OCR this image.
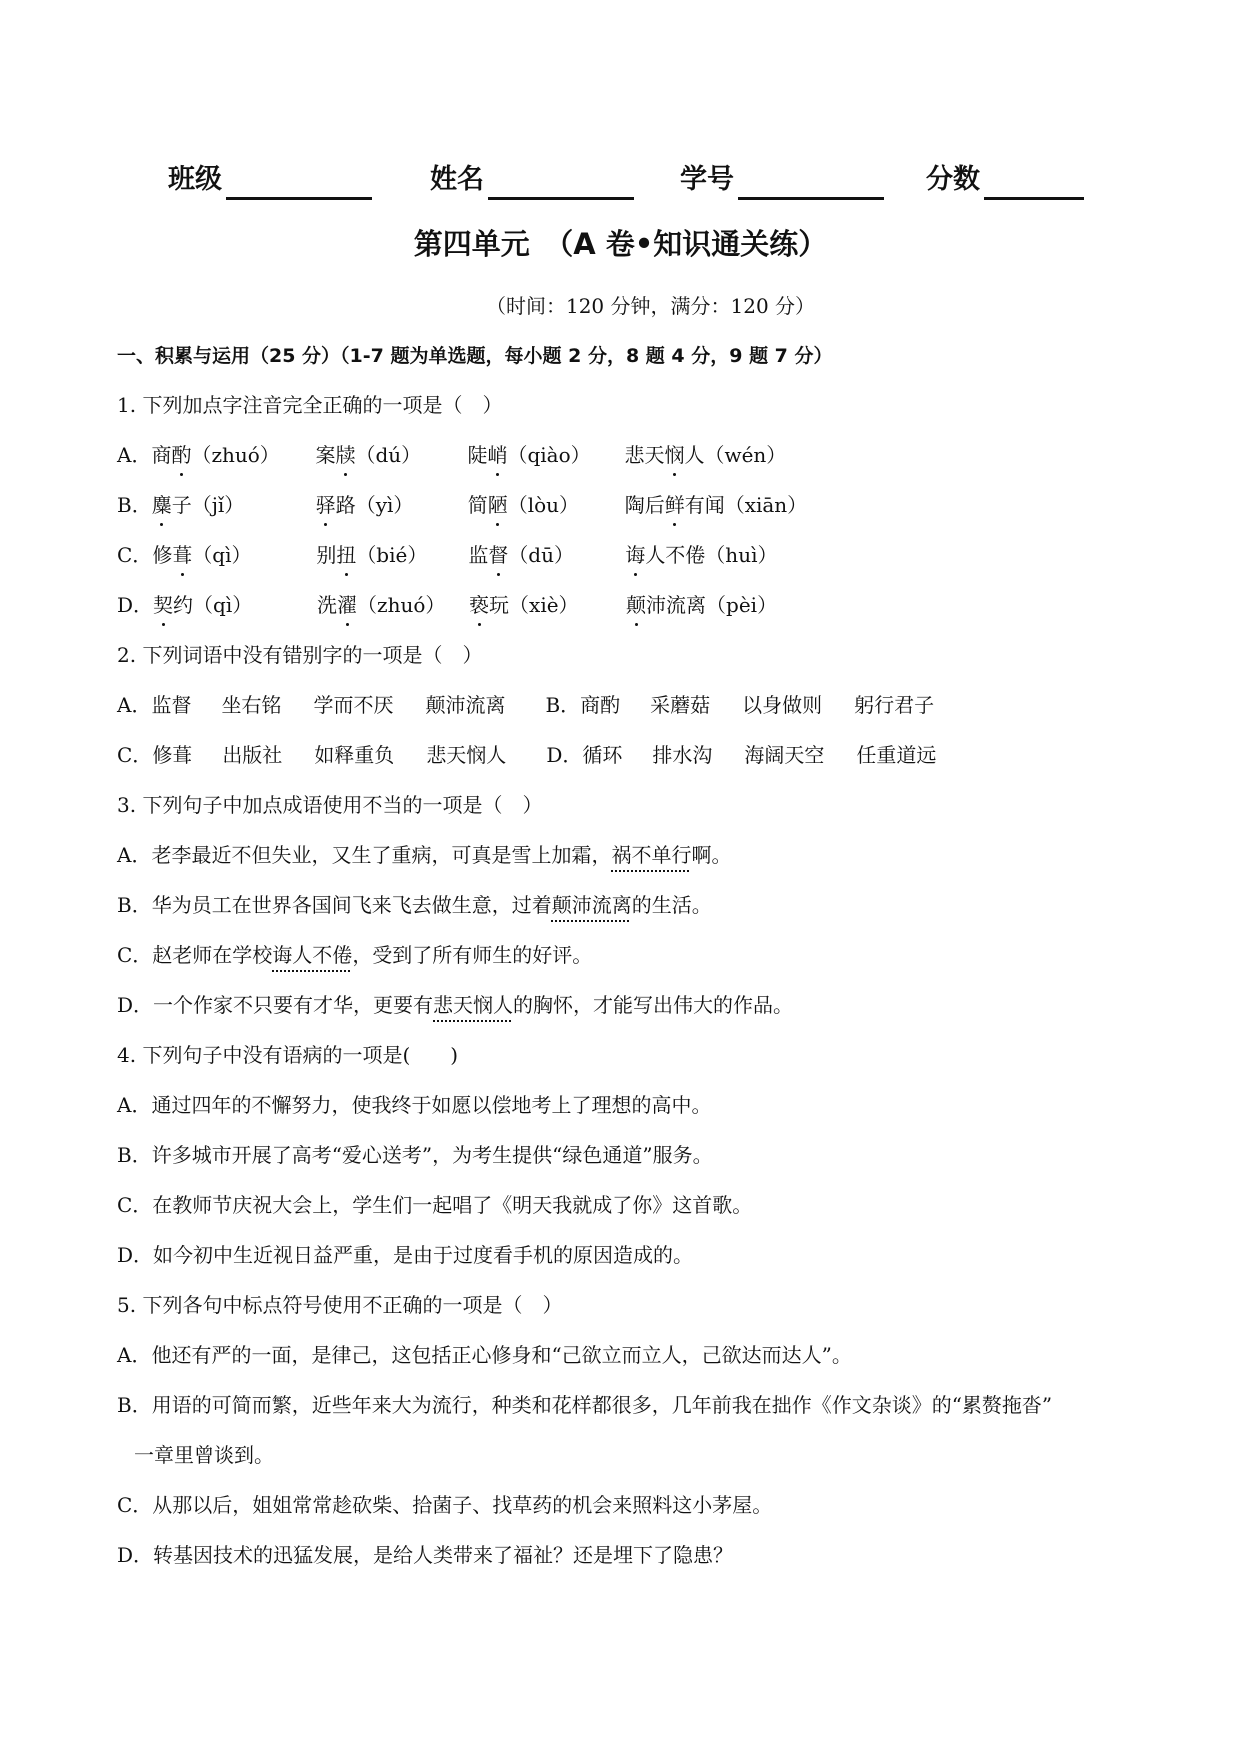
班级	姓名	学号	分数
第四单元　（A 卷•知识通关练）
（时间：120 分钟，满分：120 分）
一、积累与运用（25 分）（1-7 题为单选题，每小题 2 分，8 题 4 分，9 题 7 分）
1. 下列加点字注音完全正确的一项是（　）
A．商酌（zhuó） 案牍（dú） 陡峭（qiào） 悲天悯人（wén）
B．麋子（jǐ）	驿路（yì）	简陋（lòu） 陶后鲜有闻（xiān）
C．修葺（qì）	别扭（bié） 监督（dū）	诲人不倦（huì）
D．契约（qì）	洗濯（zhuó） 亵玩（xiè） 颠沛流离（pèi）
2. 下列词语中没有错别字的一项是（　）
A．监督 坐右铭 学而不厌 颠沛流离 B．商酌 采蘑菇 以身做则 躬行君子
C．修葺 出版社 如释重负 悲天悯人 D．循环 排水沟 海阔天空 任重道远
3. 下列句子中加点成语使用不当的一项是（　）
A．老李最近不但失业，又生了重病，可真是雪上加霜，祸不单行啊。
B．华为员工在世界各国间飞来飞去做生意，过着颠沛流离的生活。
C．赵老师在学校诲人不倦，受到了所有师生的好评。
D．一个作家不只要有才华，更要有悲天悯人的胸怀，才能写出伟大的作品。
4. 下列句子中没有语病的一项是(　　)
A．通过四年的不懈努力，使我终于如愿以偿地考上了理想的高中。
B．许多城市开展了高考“爱心送考”，为考生提供“绿色通道”服务。
C．在教师节庆祝大会上，学生们一起唱了《明天我就成了你》这首歌。
D．如今初中生近视日益严重，是由于过度看手机的原因造成的。
5. 下列各句中标点符号使用不正确的一项是（　）
A．他还有严的一面，是律己，这包括正心修身和“己欲立而立人，己欲达而达人”。
B．用语的可简而繁，近些年来大为流行，种类和花样都很多，几年前我在拙作《作文杂谈》的“累赘拖沓”
一章里曾谈到。
C．从那以后，姐姐常常趁砍柴、拾菌子、找草药的机会来照料这小茅屋。
D．转基因技术的迅猛发展，是给人类带来了福祉？还是埋下了隐患？
